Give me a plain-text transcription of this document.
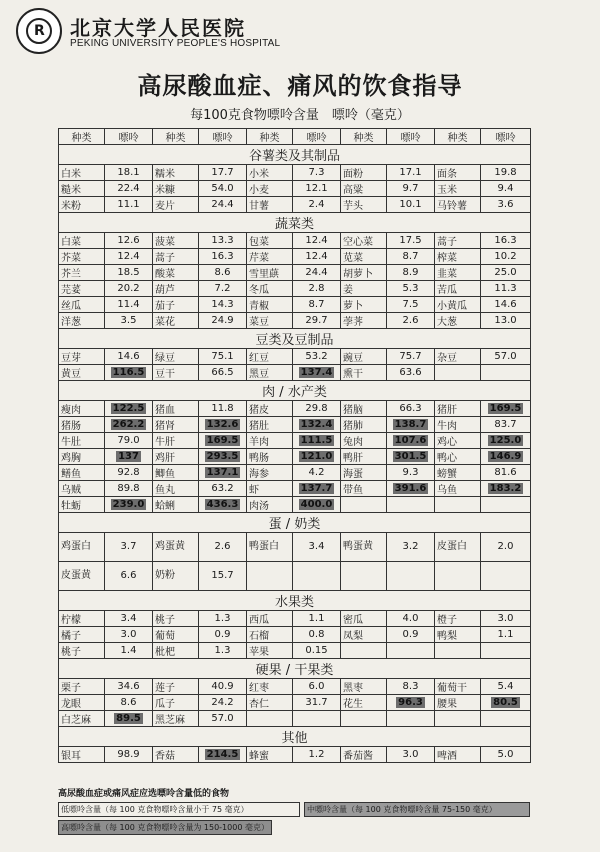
R 北京大学人民医院
PEKING UNIVERSITY PEOPLE'S HOSPITAL
高尿酸血症、痛风的饮食指导
每100克食物嘌呤含量　嘌呤（毫克）
种类	嘌呤	种类	嘌呤	种类	嘌呤	种类	嘌呤	种类	嘌呤
谷薯类及其制品									
白米	18.1	糯米	17.7	小米	7.3	面粉	17.1	面条	19.8
糙米	22.4	米糠	54.0	小麦	12.1	高粱	9.7	玉米	9.4
米粉	11.1	麦片	24.4	甘薯	2.4	芋头	10.1	马铃薯	3.6
蔬菜类									
白菜	12.6	菠菜	13.3	包菜	12.4	空心菜	17.5	蒿子	16.3
芥菜	12.4	蒿子	16.3	芹菜	12.4	苋菜	8.7	榨菜	10.2
芥兰	18.5	酸菜	8.6	雪里蕻	24.4	胡萝卜	8.9	韭菜	25.0
芫荽	20.2	葫芦	7.2	冬瓜	2.8	姜	5.3	苦瓜	11.3
丝瓜	11.4	茄子	14.3	青椒	8.7	萝卜	7.5	小黄瓜	14.6
洋葱	3.5	菜花	24.9	菜豆	29.7	荸荠	2.6	大葱	13.0
豆类及豆制品									
豆芽	14.6	绿豆	75.1	红豆	53.2	豌豆	75.7	杂豆	57.0
黄豆	116.5	豆干	66.5	黑豆	137.4	熏干	63.6		
肉 / 水产类									
瘦肉	122.5	猪血	11.8	猪皮	29.8	猪脑	66.3	猪肝	169.5
猪肠	262.2	猪肾	132.6	猪肚	132.4	猪肺	138.7	牛肉	83.7
牛肚	79.0	牛肝	169.5	羊肉	111.5	兔肉	107.6	鸡心	125.0
鸡胸	137	鸡肝	293.5	鸭肠	121.0	鸭肝	301.5	鸭心	146.9
鳝鱼	92.8	鲫鱼	137.1	海参	4.2	海蛋	9.3	螃蟹	81.6
乌贼	89.8	鱼丸	63.2	虾	137.7	带鱼	391.6	乌鱼	183.2
牡蛎	239.0	蛤蜊	436.3	肉汤	400.0				
蛋 / 奶类									
鸡蛋白	3.7	鸡蛋黄	2.6	鸭蛋白	3.4	鸭蛋黄	3.2	皮蛋白	2.0
皮蛋黄	6.6	奶粉	15.7						
水果类									
柠檬	3.4	桃子	1.3	西瓜	1.1	密瓜	4.0	橙子	3.0
橘子	3.0	葡萄	0.9	石榴	0.8	凤梨	0.9	鸭梨	1.1
桃子	1.4	枇杷	1.3	苹果	0.15				
硬果 / 干果类									
栗子	34.6	莲子	40.9	红枣	6.0	黑枣	8.3	葡萄干	5.4
龙眼	8.6	瓜子	24.2	杏仁	31.7	花生	96.3	腰果	80.5
白芝麻	89.5	黑芝麻	57.0						
其他									
银耳	98.9	香菇	214.5	蜂蜜	1.2	番茄酱	3.0	啤酒	5.0
高尿酸血症或痛风症应选嘌呤含量低的食物
低嘌呤含量（每 100 克食物嘌呤含量小于 75 毫克）	中嘌呤含量（每 100 克食物嘌呤含量 75-150 毫克）
高嘌呤含量（每 100 克食物嘌呤含量为 150-1000 毫克）
